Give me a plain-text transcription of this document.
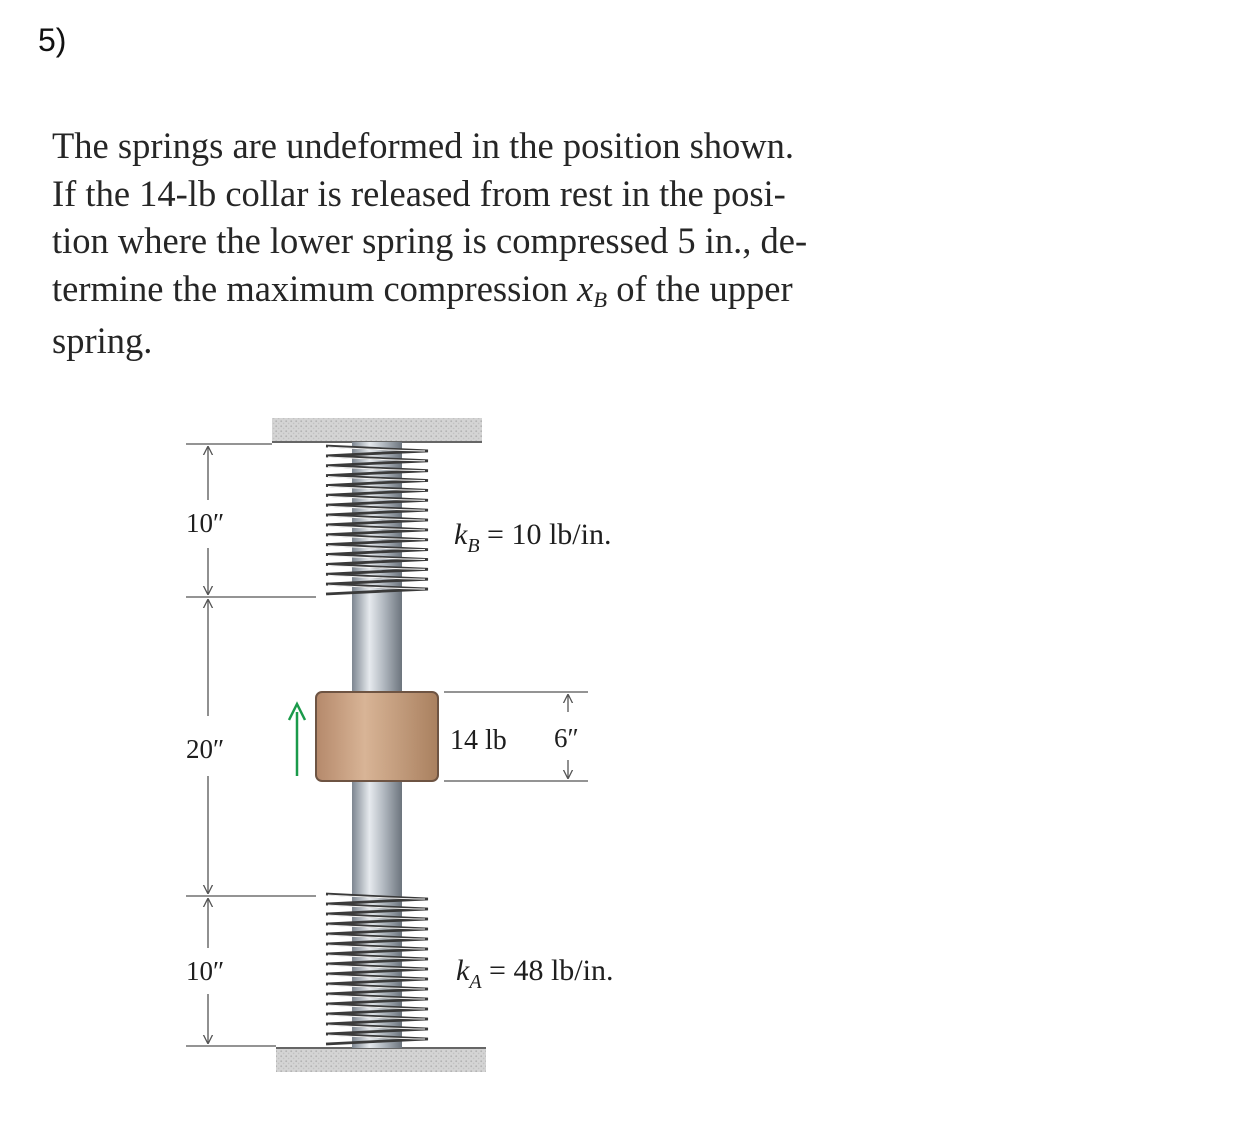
5)
The springs are undeformed in the position shown.
If the 14-lb collar is released from rest in the posi-
tion where the lower spring is compressed 5 in., de-
termine the maximum compression xB of the upper
spring.
10″
20″
10″
$k_B = 10$ lb/in.
$k_A = 48$ lb/in.
14 lb 6″
